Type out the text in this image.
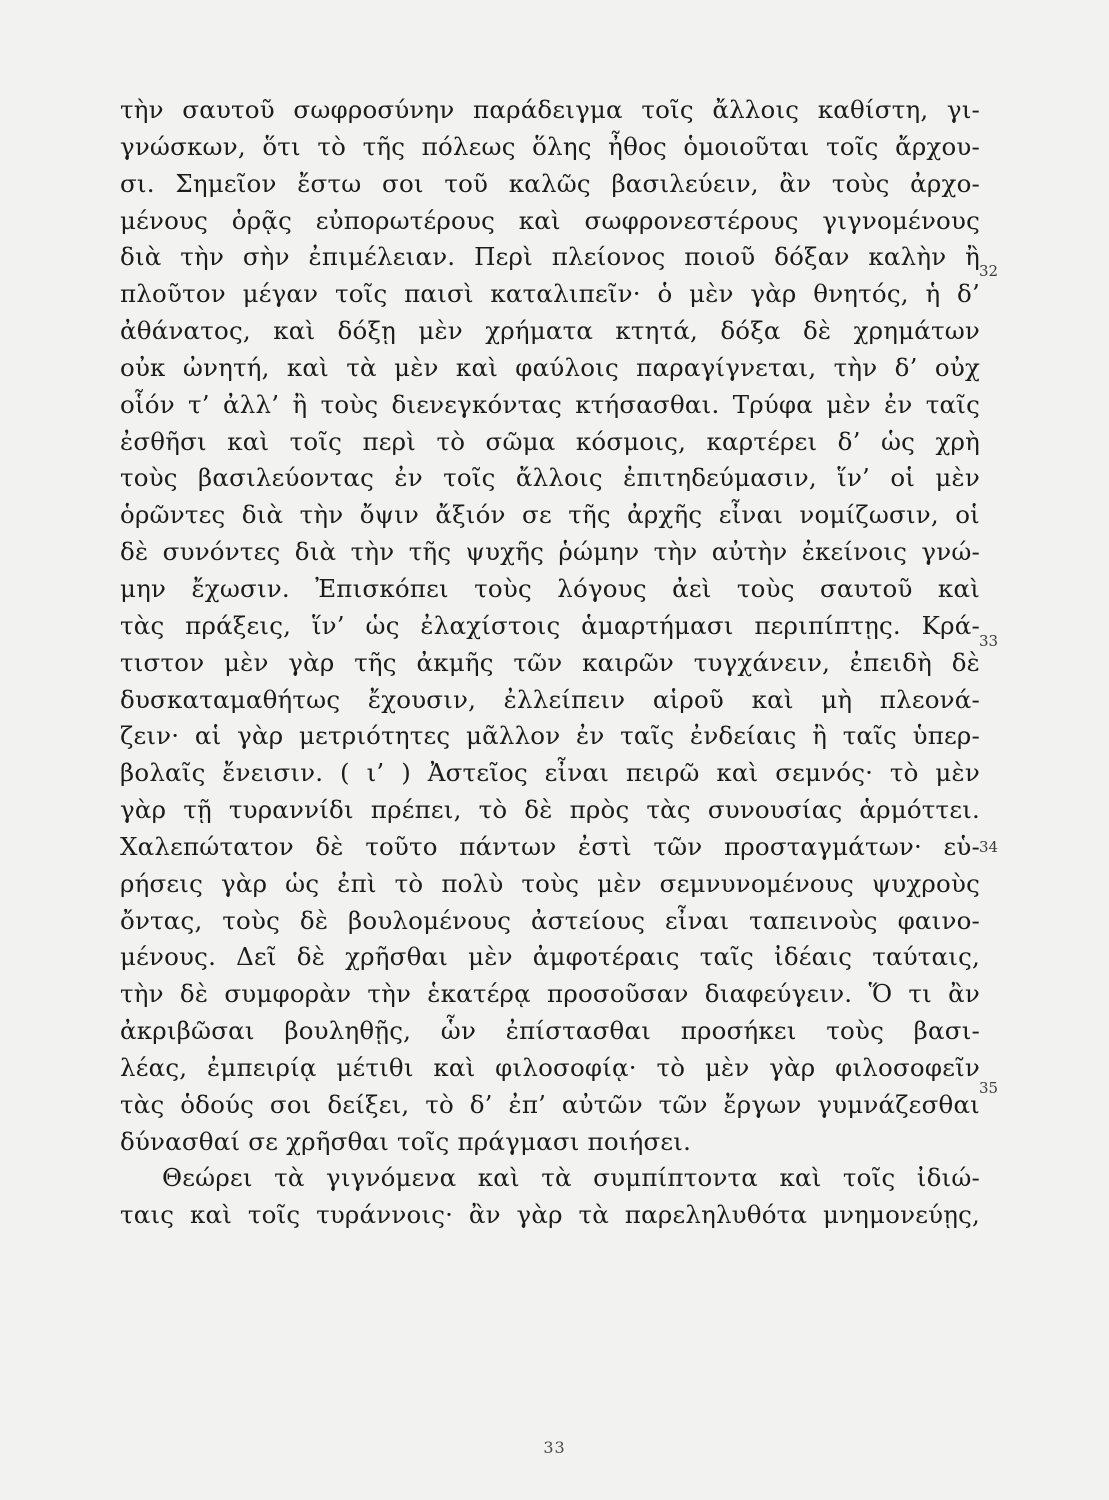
τὴν σαυτοῦ σωφροσύνην παράδειγμα τοῖς ἄλλοις καθίστη, γι-
γνώσκων, ὅτι τὸ τῆς πόλεως ὅλης ἦθος ὁμοιοῦται τοῖς ἄρχου-
σι. Σημεῖον ἔστω σοι τοῦ καλῶς βασιλεύειν, ἂν τοὺς ἀρχο-
μένους ὁρᾷς εὐπορωτέρους καὶ σωφρονεστέρους γιγνομένους
διὰ τὴν σὴν ἐπιμέλειαν. Περὶ πλείονος ποιοῦ δόξαν καλὴν ἢ
πλοῦτον μέγαν τοῖς παισὶ καταλιπεῖν· ὁ μὲν γὰρ θνητός, ἡ δ’
ἀθάνατος, καὶ δόξῃ μὲν χρήματα κτητά, δόξα δὲ χρημάτων
οὐκ ὠνητή, καὶ τὰ μὲν καὶ φαύλοις παραγίγνεται, τὴν δ’ οὐχ
οἷόν τ’ ἀλλ’ ἢ τοὺς διενεγκόντας κτήσασθαι. Τρύφα μὲν ἐν ταῖς
ἐσθῆσι καὶ τοῖς περὶ τὸ σῶμα κόσμοις, καρτέρει δ’ ὡς χρὴ
τοὺς βασιλεύοντας ἐν τοῖς ἄλλοις ἐπιτηδεύμασιν, ἵν’ οἱ μὲν
ὁρῶντες διὰ τὴν ὄψιν ἄξιόν σε τῆς ἀρχῆς εἶναι νομίζωσιν, οἱ
δὲ συνόντες διὰ τὴν τῆς ψυχῆς ῥώμην τὴν αὐτὴν ἐκείνοις γνώ-
μην ἔχωσιν. Ἐπισκόπει τοὺς λόγους ἀεὶ τοὺς σαυτοῦ καὶ
τὰς πράξεις, ἵν’ ὡς ἐλαχίστοις ἁμαρτήμασι περιπίπτῃς. Κρά-
τιστον μὲν γὰρ τῆς ἀκμῆς τῶν καιρῶν τυγχάνειν, ἐπειδὴ δὲ
δυσκαταμαθήτως ἔχουσιν, ἐλλείπειν αἱροῦ καὶ μὴ πλεονά-
ζειν· αἱ γὰρ μετριότητες μᾶλλον ἐν ταῖς ἐνδείαις ἢ ταῖς ὑπερ-
βολαῖς ἔνεισιν. ( ι’ ) Ἀστεῖος εἶναι πειρῶ καὶ σεμνός· τὸ μὲν
γὰρ τῇ τυραννίδι πρέπει, τὸ δὲ πρὸς τὰς συνουσίας ἁρμόττει.
Χαλεπώτατον δὲ τοῦτο πάντων ἐστὶ τῶν προσταγμάτων· εὑ-
ρήσεις γὰρ ὡς ἐπὶ τὸ πολὺ τοὺς μὲν σεμνυνομένους ψυχροὺς
ὄντας, τοὺς δὲ βουλομένους ἀστείους εἶναι ταπεινοὺς φαινο-
μένους. Δεῖ δὲ χρῆσθαι μὲν ἀμφοτέραις ταῖς ἰδέαις ταύταις,
τὴν δὲ συμφορὰν τὴν ἑκατέρᾳ προσοῦσαν διαφεύγειν. Ὅ τι ἂν
ἀκριβῶσαι βουληθῇς, ὧν ἐπίστασθαι προσήκει τοὺς βασι-
λέας, ἐμπειρίᾳ μέτιθι καὶ φιλοσοφίᾳ· τὸ μὲν γὰρ φιλοσοφεῖν
τὰς ὁδούς σοι δείξει, τὸ δ’ ἐπ’ αὐτῶν τῶν ἔργων γυμνάζεσθαι
δύνασθαί σε χρῆσθαι τοῖς πράγμασι ποιήσει.
Θεώρει τὰ γιγνόμενα καὶ τὰ συμπίπτοντα καὶ τοῖς ἰδιώ-
ταις καὶ τοῖς τυράννοις· ἂν γὰρ τὰ παρεληλυθότα μνημονεύῃς,
32
33
34
35
33
